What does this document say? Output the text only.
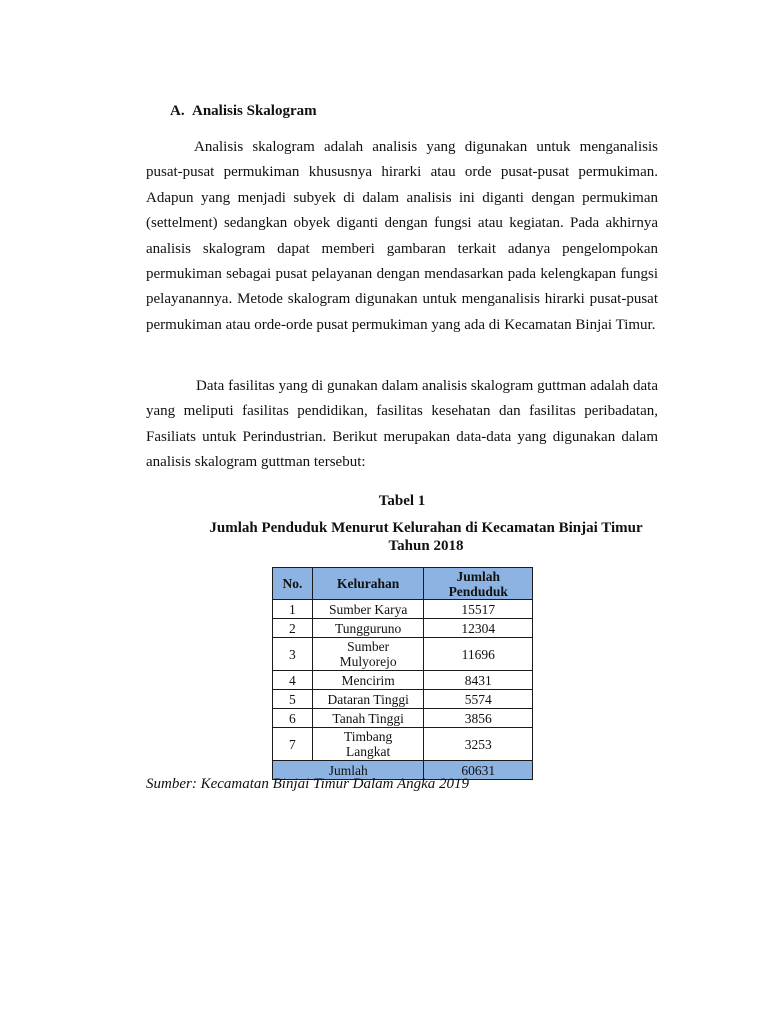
A. Analisis Skalogram

Analisis skalogram adalah analisis yang digunakan untuk menganalisis pusat-pusat permukiman khususnya hirarki atau orde pusat-pusat permukiman. Adapun yang menjadi subyek di dalam analisis ini diganti dengan permukiman (settelment) sedangkan obyek diganti dengan fungsi atau kegiatan. Pada akhirnya analisis skalogram dapat memberi gambaran terkait adanya pengelompokan permukiman sebagai pusat pelayanan dengan mendasarkan pada kelengkapan fungsi pelayanannya. Metode skalogram digunakan untuk menganalisis hirarki pusat-pusat permukiman atau orde-orde pusat permukiman yang ada di Kecamatan Binjai Timur.

Data fasilitas yang di gunakan dalam analisis skalogram guttman adalah data yang meliputi fasilitas pendidikan, fasilitas kesehatan dan fasilitas peribadatan, Fasiliats untuk Perindustrian. Berikut merupakan data-data yang digunakan dalam analisis skalogram guttman tersebut:

Tabel 1
Jumlah Penduduk Menurut Kelurahan di Kecamatan Binjai Timur
Tahun 2018
No.	Kelurahan	Jumlah
Penduduk

1	Sumber Karya	15517
2	Tungguruno	12304
3	Sumber
Mulyorejo	11696
4	Mencirim	8431
5	Dataran Tinggi	5574
6	Tanah Tinggi	3856
7	Timbang
Langkat	3253
Jumlah		60631
Sumber: Kecamatan Binjai Timur Dalam Angka 2019
